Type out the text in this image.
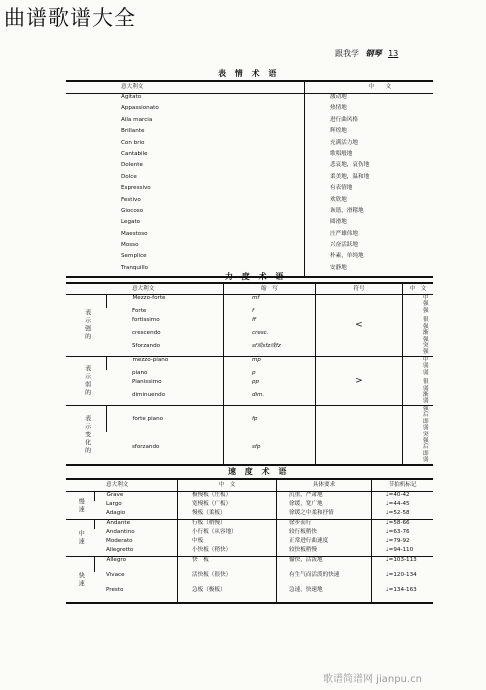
曲谱歌谱大全
跟我学 钢琴 13
表 情 术 语
意大利文	中　　文
Agitato	激动地
Appassionato	热情地
Alla marcia	进行曲风格
Brillante	辉煌地
Con brio	充满活力地
Cantabile	歌唱般地
Dolente	悲哀地，哀伤地
Dolce	柔美地，温和地
Espressivo	有表情地
Festivo	欢欣地
Giocoso	诙谐，滑稽地
Legato	圆滑地
Maestoso	庄严雄伟地
Mosso	兴奋活跃地
Semplice	朴素，单纯地
Tranquillo	安静地
力 度 术 语
	意大利文	缩　写	符号	中　文
表示强的	Mezzo-forte	mf	<	中强
	Forte	f		强
	fortissimo	ff		很强
	crescendo	cresc.		渐强
	Sforzando	sf或sfz或fz		突强
表示弱的	mezzo-piano	mp	>	中弱
	piano	p		弱
	Pianissimo	pp		很弱
	diminuendo	dim.		渐弱
表示变化的	forte piano	fp		强后即弱
	sforzando	sfp		突强后即弱
速 度 术 语
	意大利文	中　文	具体要求	节拍机标记
慢速	Grave	极慢板（庄板）	沉重，严肃地	♩=40-42
	Largo	宽慢板（广板）	徐缓，宽广地	♩=44-45
	Adagio	慢板（柔板）	徐缓之中柔和抒情	♩=52-58
中速	Andante	行板（稍慢）	徐步而行	♩=58-66
	Andantino	小行板（从容地）	较行板稍快	♩=63-76
	Moderato	中板	正常进行曲速度	♩=79-92
	Allegretto	小快板（稍快）	较快板稍慢	♩=94-110
快速	Allegro	快　板	愉快，活泼地	♩=103-113
	Vivace	活快板（很快）	有生气而活泼的快速	♩=120-134
	Presto	急板（极板）	急速，快速地	♩=134-163
歌谱简谱网 jianpu.cn
